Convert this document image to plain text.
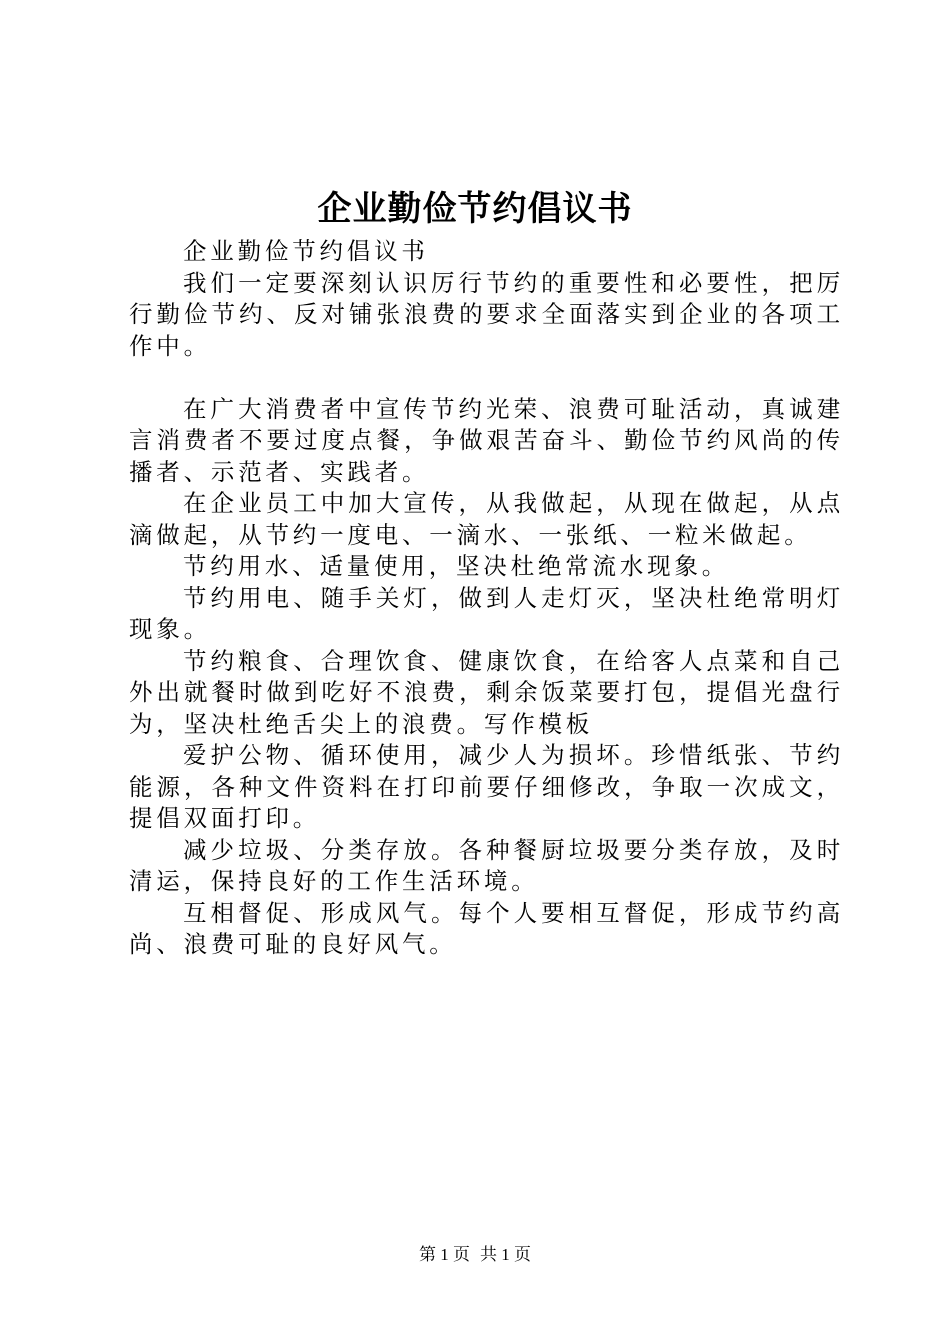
企业勤俭节约倡议书

企业勤俭节约倡议书

我们一定要深刻认识厉行节约的重要性和必要性，把厉行勤俭节约、反对铺张浪费的要求全面落实到企业的各项工作中。

在广大消费者中宣传节约光荣、浪费可耻活动，真诚建言消费者不要过度点餐，争做艰苦奋斗、勤俭节约风尚的传播者、示范者、实践者。

在企业员工中加大宣传，从我做起，从现在做起，从点滴做起，从节约一度电、一滴水、一张纸、一粒米做起。

节约用水、适量使用，坚决杜绝常流水现象。

节约用电、随手关灯，做到人走灯灭，坚决杜绝常明灯现象。

节约粮食、合理饮食、健康饮食，在给客人点菜和自己外出就餐时做到吃好不浪费，剩余饭菜要打包，提倡光盘行为，坚决杜绝舌尖上的浪费。写作模板

爱护公物、循环使用，减少人为损坏。珍惜纸张、节约能源，各种文件资料在打印前要仔细修改，争取一次成文，提倡双面打印。

减少垃圾、分类存放。各种餐厨垃圾要分类存放，及时清运，保持良好的工作生活环境。

互相督促、形成风气。每个人要相互督促，形成节约高尚、浪费可耻的良好风气。

第 1 页 共 1 页
